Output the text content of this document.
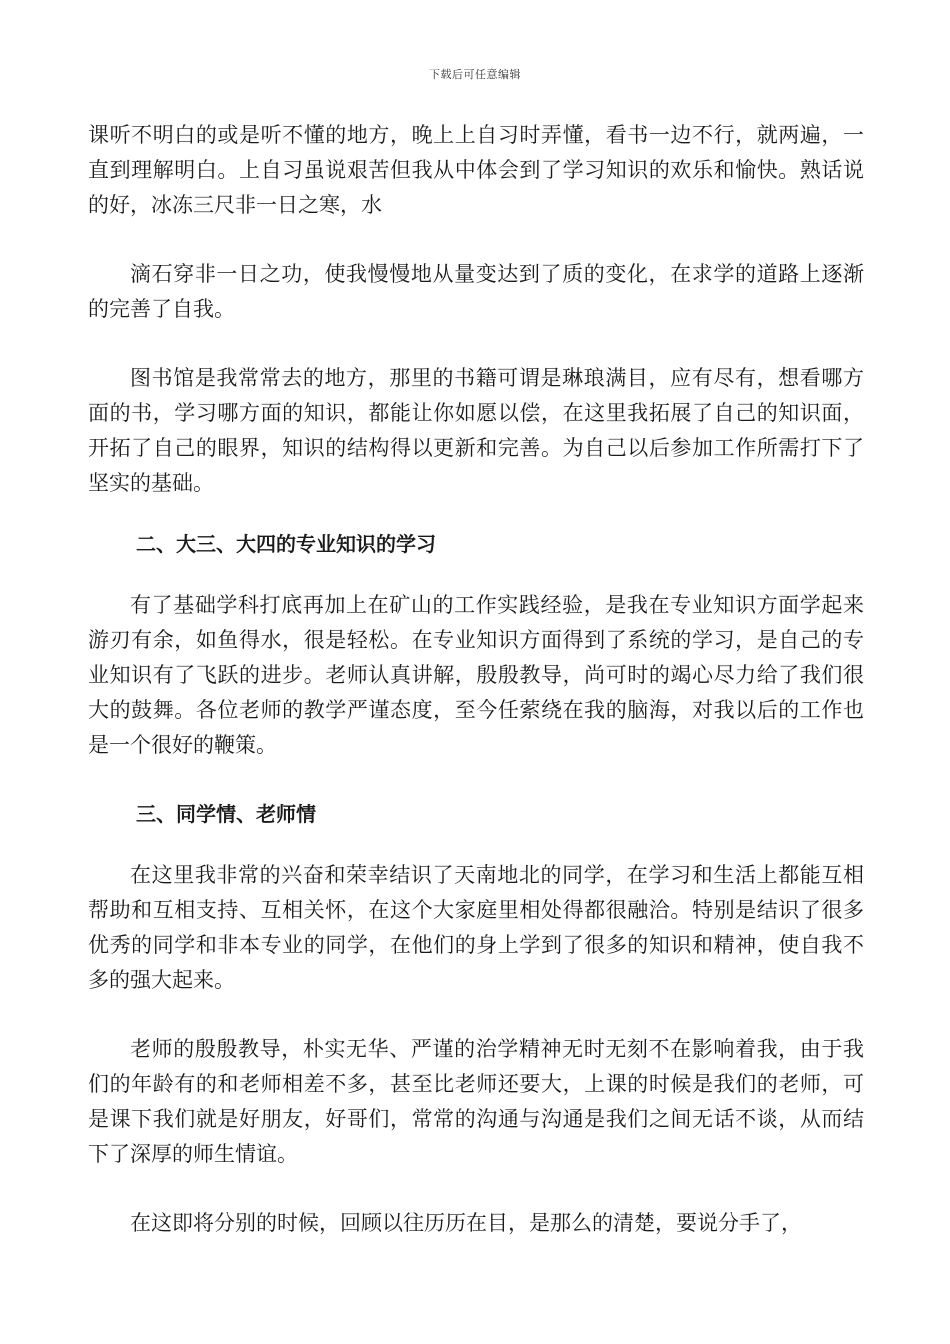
下载后可任意编辑

课听不明白的或是听不懂的地方，晚上上自习时弄懂，看书一边不行，就两遍，一直到理解明白。上自习虽说艰苦但我从中体会到了学习知识的欢乐和愉快。熟话说的好，冰冻三尺非一日之寒，水

滴石穿非一日之功，使我慢慢地从量变达到了质的变化，在求学的道路上逐渐的完善了自我。

图书馆是我常常去的地方，那里的书籍可谓是琳琅满目，应有尽有，想看哪方面的书，学习哪方面的知识，都能让你如愿以偿，在这里我拓展了自己的知识面，开拓了自己的眼界，知识的结构得以更新和完善。为自己以后参加工作所需打下了坚实的基础。

二、大三、大四的专业知识的学习

有了基础学科打底再加上在矿山的工作实践经验，是我在专业知识方面学起来游刃有余，如鱼得水，很是轻松。在专业知识方面得到了系统的学习，是自己的专业知识有了飞跃的进步。老师认真讲解，殷殷教导，尚可时的竭心尽力给了我们很大的鼓舞。各位老师的教学严谨态度，至今任萦绕在我的脑海，对我以后的工作也是一个很好的鞭策。

三、同学情、老师情

在这里我非常的兴奋和荣幸结识了天南地北的同学，在学习和生活上都能互相帮助和互相支持、互相关怀，在这个大家庭里相处得都很融洽。特别是结识了很多优秀的同学和非本专业的同学，在他们的身上学到了很多的知识和精神，使自我不多的强大起来。

老师的殷殷教导，朴实无华、严谨的治学精神无时无刻不在影响着我，由于我们的年龄有的和老师相差不多，甚至比老师还要大，上课的时候是我们的老师，可是课下我们就是好朋友，好哥们，常常的沟通与沟通是我们之间无话不谈，从而结下了深厚的师生情谊。

在这即将分别的时候，回顾以往历历在目，是那么的清楚，要说分手了，
